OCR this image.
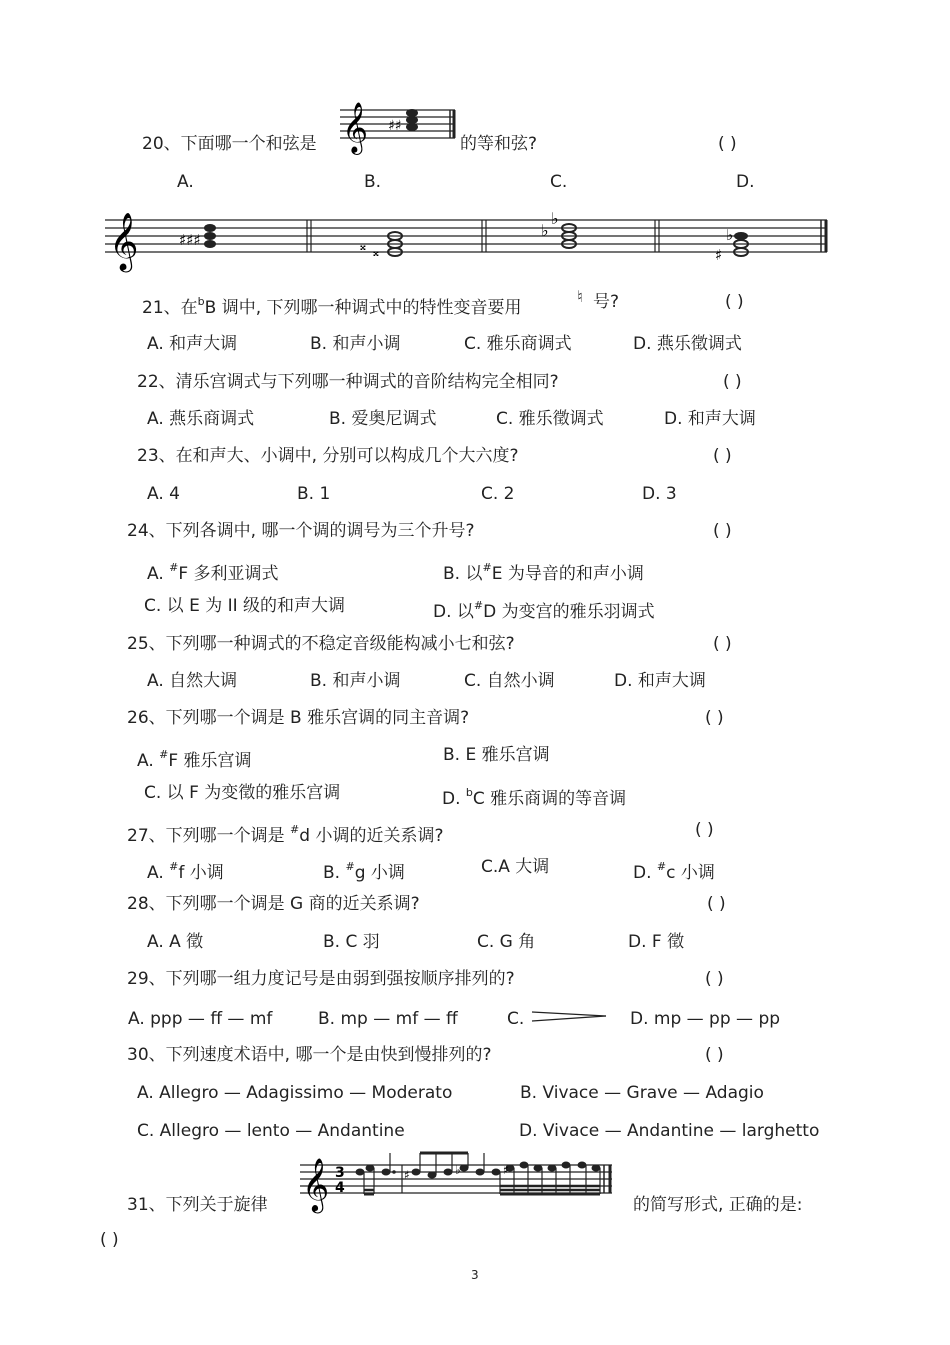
20、下面哪一个和弦是 𝄞 ♯♯
的等和弦?	( )
A.	B.	C.	D.
𝄞	♯♯♯	𝄪 𝄪
♭
♭
♯
♭
21、在$^b$B 调中, 下列哪一种调式中的特性变音要用
♮ 号?	( )
A. 和声大调	B. 和声小调	C. 雅乐商调式	D. 燕乐徵调式
22、清乐宫调式与下列哪一种调式的音阶结构完全相同?	( )
A. 燕乐商调式	B. 爱奥尼调式	C. 雅乐徵调式	D. 和声大调
23、在和声大、小调中, 分别可以构成几个大六度?	( )
A. 4	B. 1	C. 2	D. 3
24、下列各调中, 哪一个调的调号为三个升号?	( )
A. #F 多利亚调式	B. 以#E 为导音的和声小调
C. 以 E 为 II 级的和声大调	D. 以#D 为变宫的雅乐羽调式
25、下列哪一种调式的不稳定音级能构减小七和弦?	( )
A. 自然大调	B. 和声小调	C. 自然小调	D. 和声大调
26、下列哪一个调是 B 雅乐宫调的同主音调?	( )
A. #F 雅乐宫调	B. E 雅乐宫调
C. 以 F 为变徵的雅乐宫调	D. $^b$C 雅乐商调的等音调
27、下列哪一个调是 #d 小调的近关系调?	( )
A. #f 小调	B. #g 小调	C.A 大调	D. #c 小调
28、下列哪一个调是 G 商的近关系调?	( )
A. A 徵	B. C 羽	C. G 角	D. F 徵
29、下列哪一组力度记号是由弱到强按顺序排列的?	( )
A. ppp — ff — mf	B. mp — mf — ff	C.	D. mp — pp — pp
30、下列速度术语中, 哪一个是由快到慢排列的?	( )
A. Allegro — Adagissimo — Moderato	B. Vivace — Grave — Adagio
C. Allegro — lento — Andantine	D. Vivace — Andantine — larghetto
31、下列关于旋律 𝄞 3
4
♯	♭	♯
的简写形式, 正确的是:
( )
3
